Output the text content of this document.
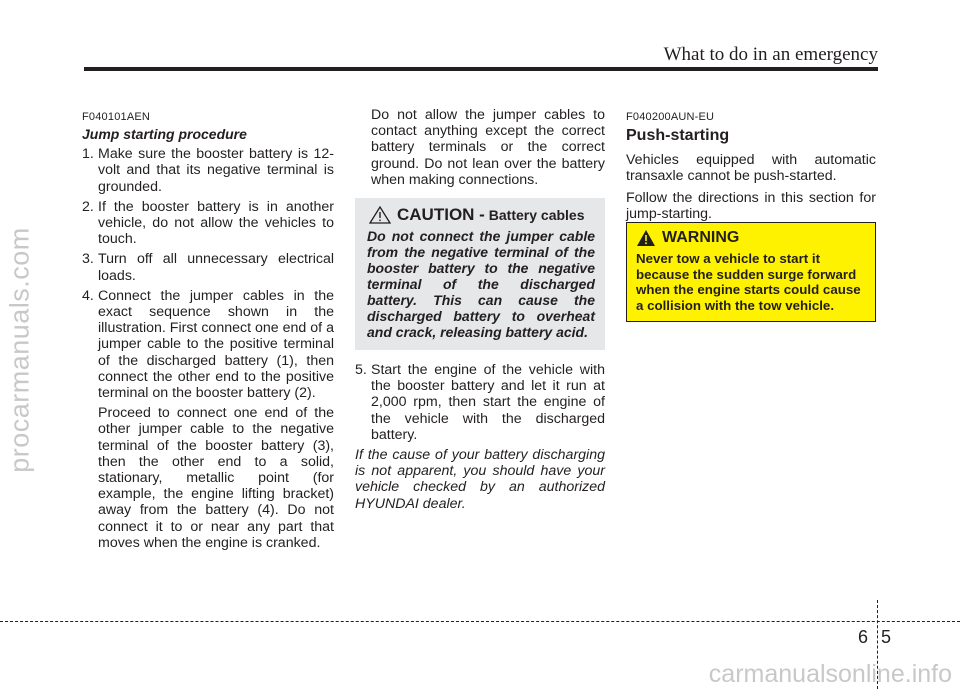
procarmanuals.com
What to do in an emergency
F040101AEN
Jump starting procedure
1. Make sure the booster battery is 12-volt and that its negative terminal is grounded.
2. If the booster battery is in another vehicle, do not allow the vehicles to touch.
3. Turn off all unnecessary electrical loads.
4. Connect the jumper cables in the exact sequence shown in the illustration. First connect one end of a jumper cable to the positive terminal of the discharged battery (1), then connect the other end to the positive terminal on the booster battery (2).
Proceed to connect one end of the other jumper cable to the negative terminal of the booster battery (3), then the other end to a solid, stationary, metallic point (for example, the engine lifting bracket) away from the battery (4). Do not connect it to or near any part that moves when the engine is cranked.
Do not allow the jumper cables to contact anything except the correct battery terminals or the correct ground. Do not lean over the battery when making connections.
CAUTION -
Battery cables
Do not connect the jumper cable from the negative terminal of the booster battery to the negative terminal of the discharged battery. This can cause the discharged battery to overheat and crack, releasing battery acid.
5. Start the engine of the vehicle with the booster battery and let it run at 2,000 rpm, then start the engine of the vehicle with the discharged battery.

If the cause of your battery discharging is not apparent, you should have your vehicle checked by an authorized HYUNDAI dealer.

F040200AUN-EU
Push-starting

Vehicles equipped with automatic transaxle cannot be push-started.

Follow the directions in this section for jump-starting.

WARNING
Never tow a vehicle to start it because the sudden surge forward when the engine starts could cause a collision with the tow vehicle.
6 5
carmanualsonline.info
